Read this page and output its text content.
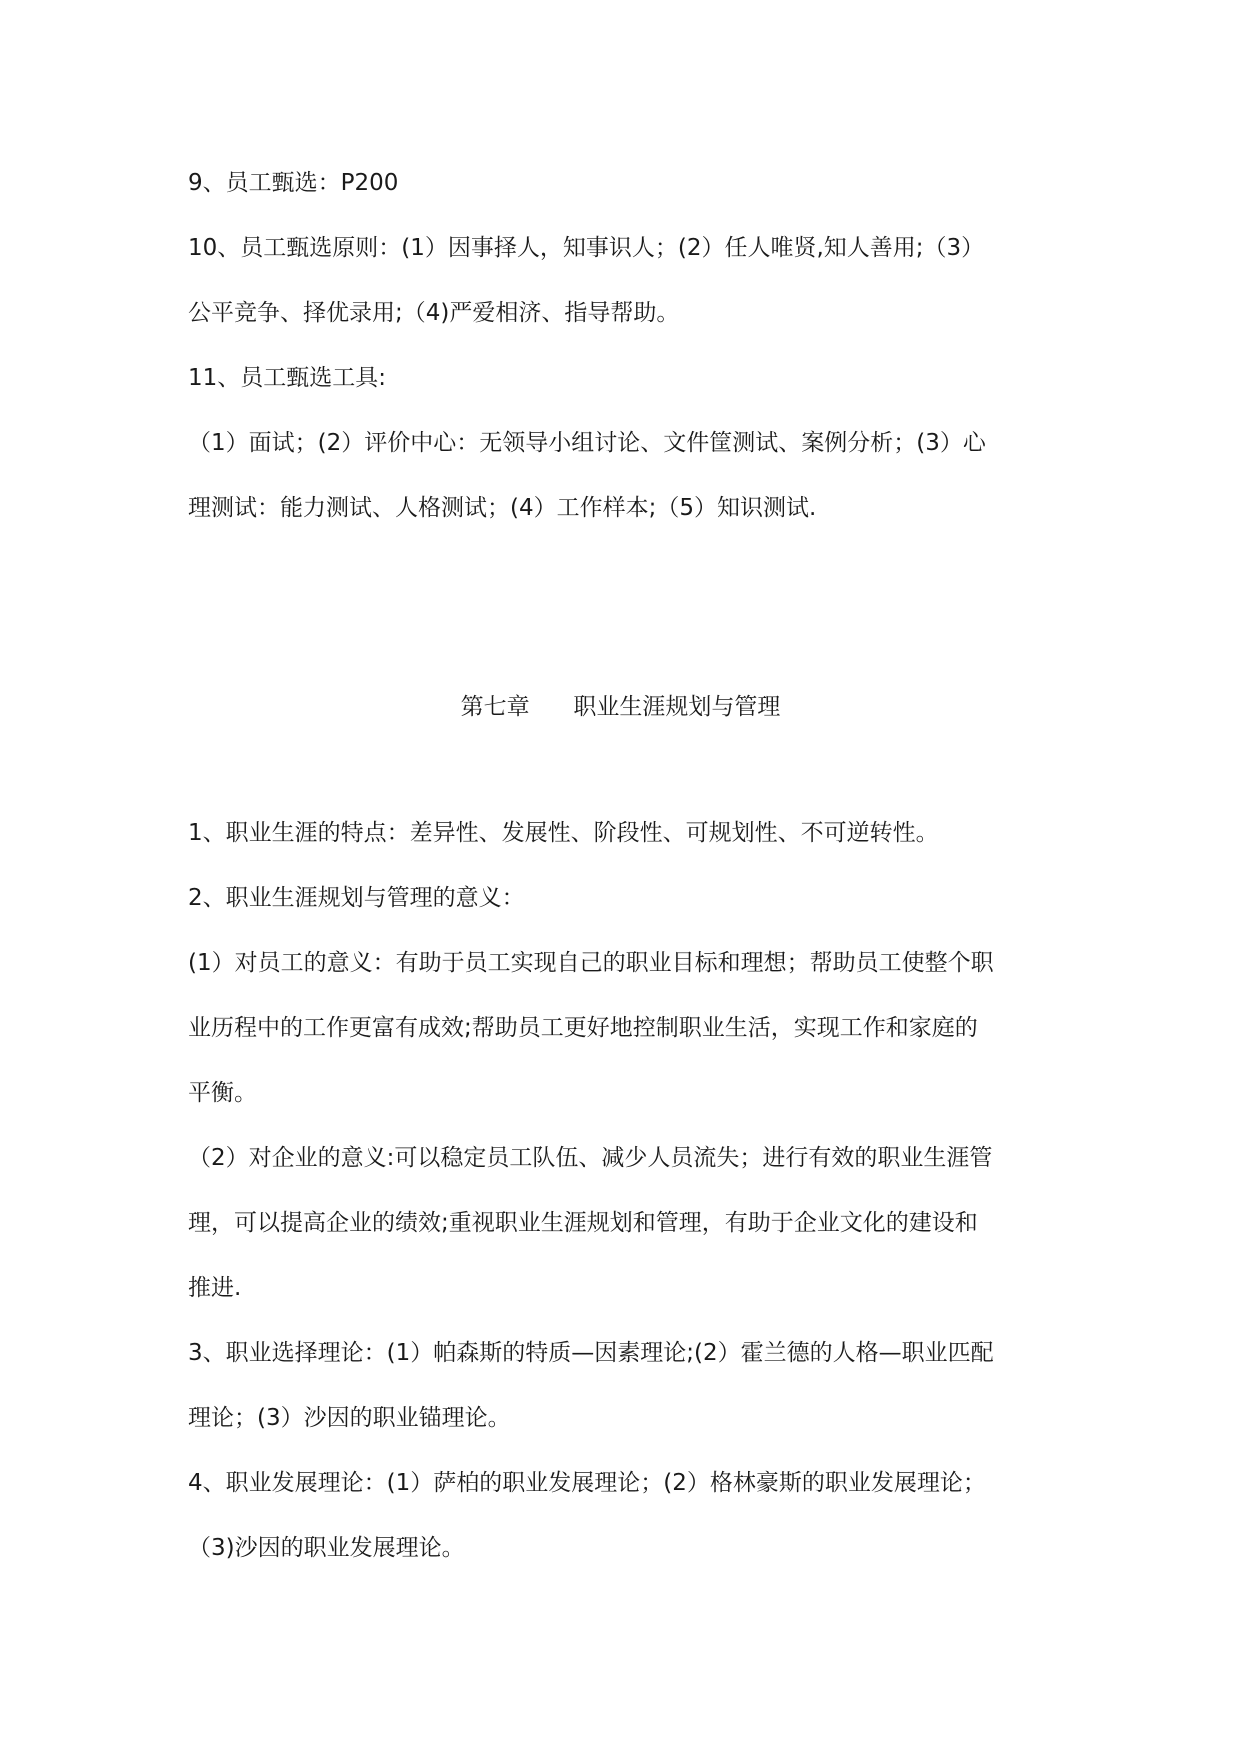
9、员工甄选：P200
10、员工甄选原则：(1）因事择人，知事识人；(2）任人唯贤,知人善用;（3）
公平竞争、择优录用;（4)严爱相济、指导帮助。
11、员工甄选工具:
（1）面试；(2）评价中心：无领导小组讨论、文件筐测试、案例分析；(3）心
理测试：能力测试、人格测试；(4）工作样本;（5）知识测试.
第七章      职业生涯规划与管理
1、职业生涯的特点：差异性、发展性、阶段性、可规划性、不可逆转性。
2、职业生涯规划与管理的意义：
(1）对员工的意义：有助于员工实现自己的职业目标和理想；帮助员工使整个职
业历程中的工作更富有成效;帮助员工更好地控制职业生活，实现工作和家庭的
平衡。
（2）对企业的意义:可以稳定员工队伍、减少人员流失；进行有效的职业生涯管
理，可以提高企业的绩效;重视职业生涯规划和管理，有助于企业文化的建设和
推进.
3、职业选择理论：(1）帕森斯的特质—因素理论;(2）霍兰德的人格—职业匹配
理论；(3）沙因的职业锚理论。
4、职业发展理论：(1）萨柏的职业发展理论；(2）格林豪斯的职业发展理论；
（3)沙因的职业发展理论。
